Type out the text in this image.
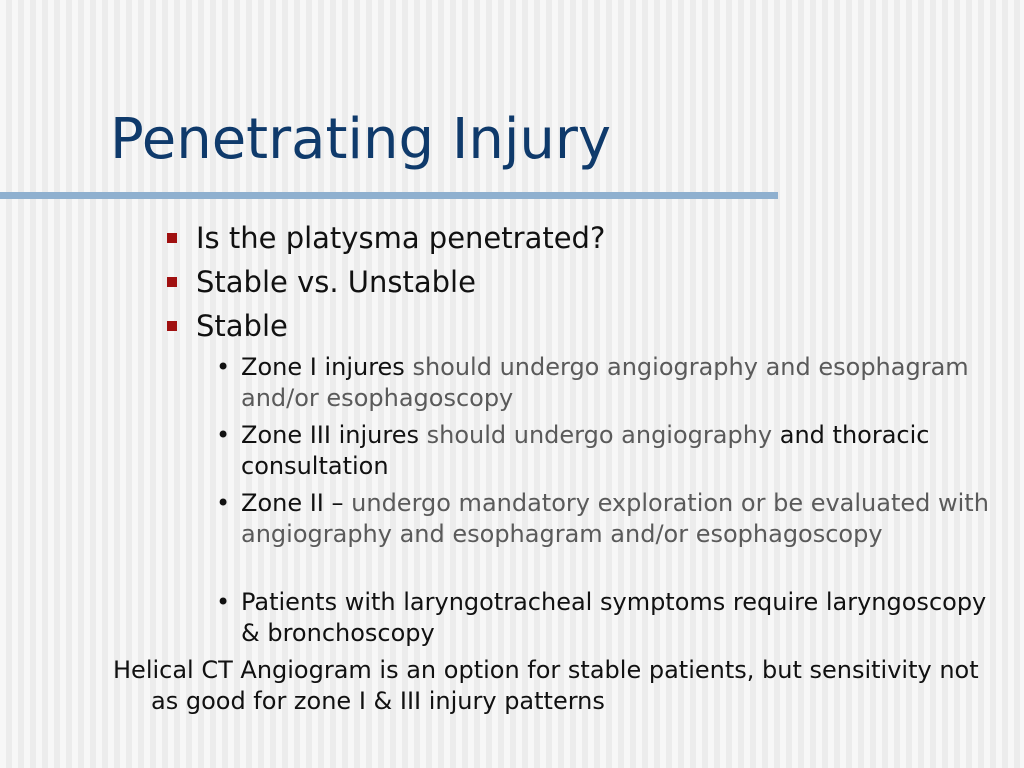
Penetrating Injury
Is the platysma penetrated?
Stable vs. Unstable
Stable
• Zone I injures should undergo angiography and esophagram and/or esophagoscopy
• Zone III injures should undergo angiography and thoracic consultation
• Zone II – undergo mandatory exploration or be evaluated with angiography and esophagram and/or esophagoscopy
• Patients with laryngotracheal symptoms require laryngoscopy & bronchoscopy
Helical CT Angiogram is an option for stable patients, but sensitivity not as good for zone I & III injury patterns
